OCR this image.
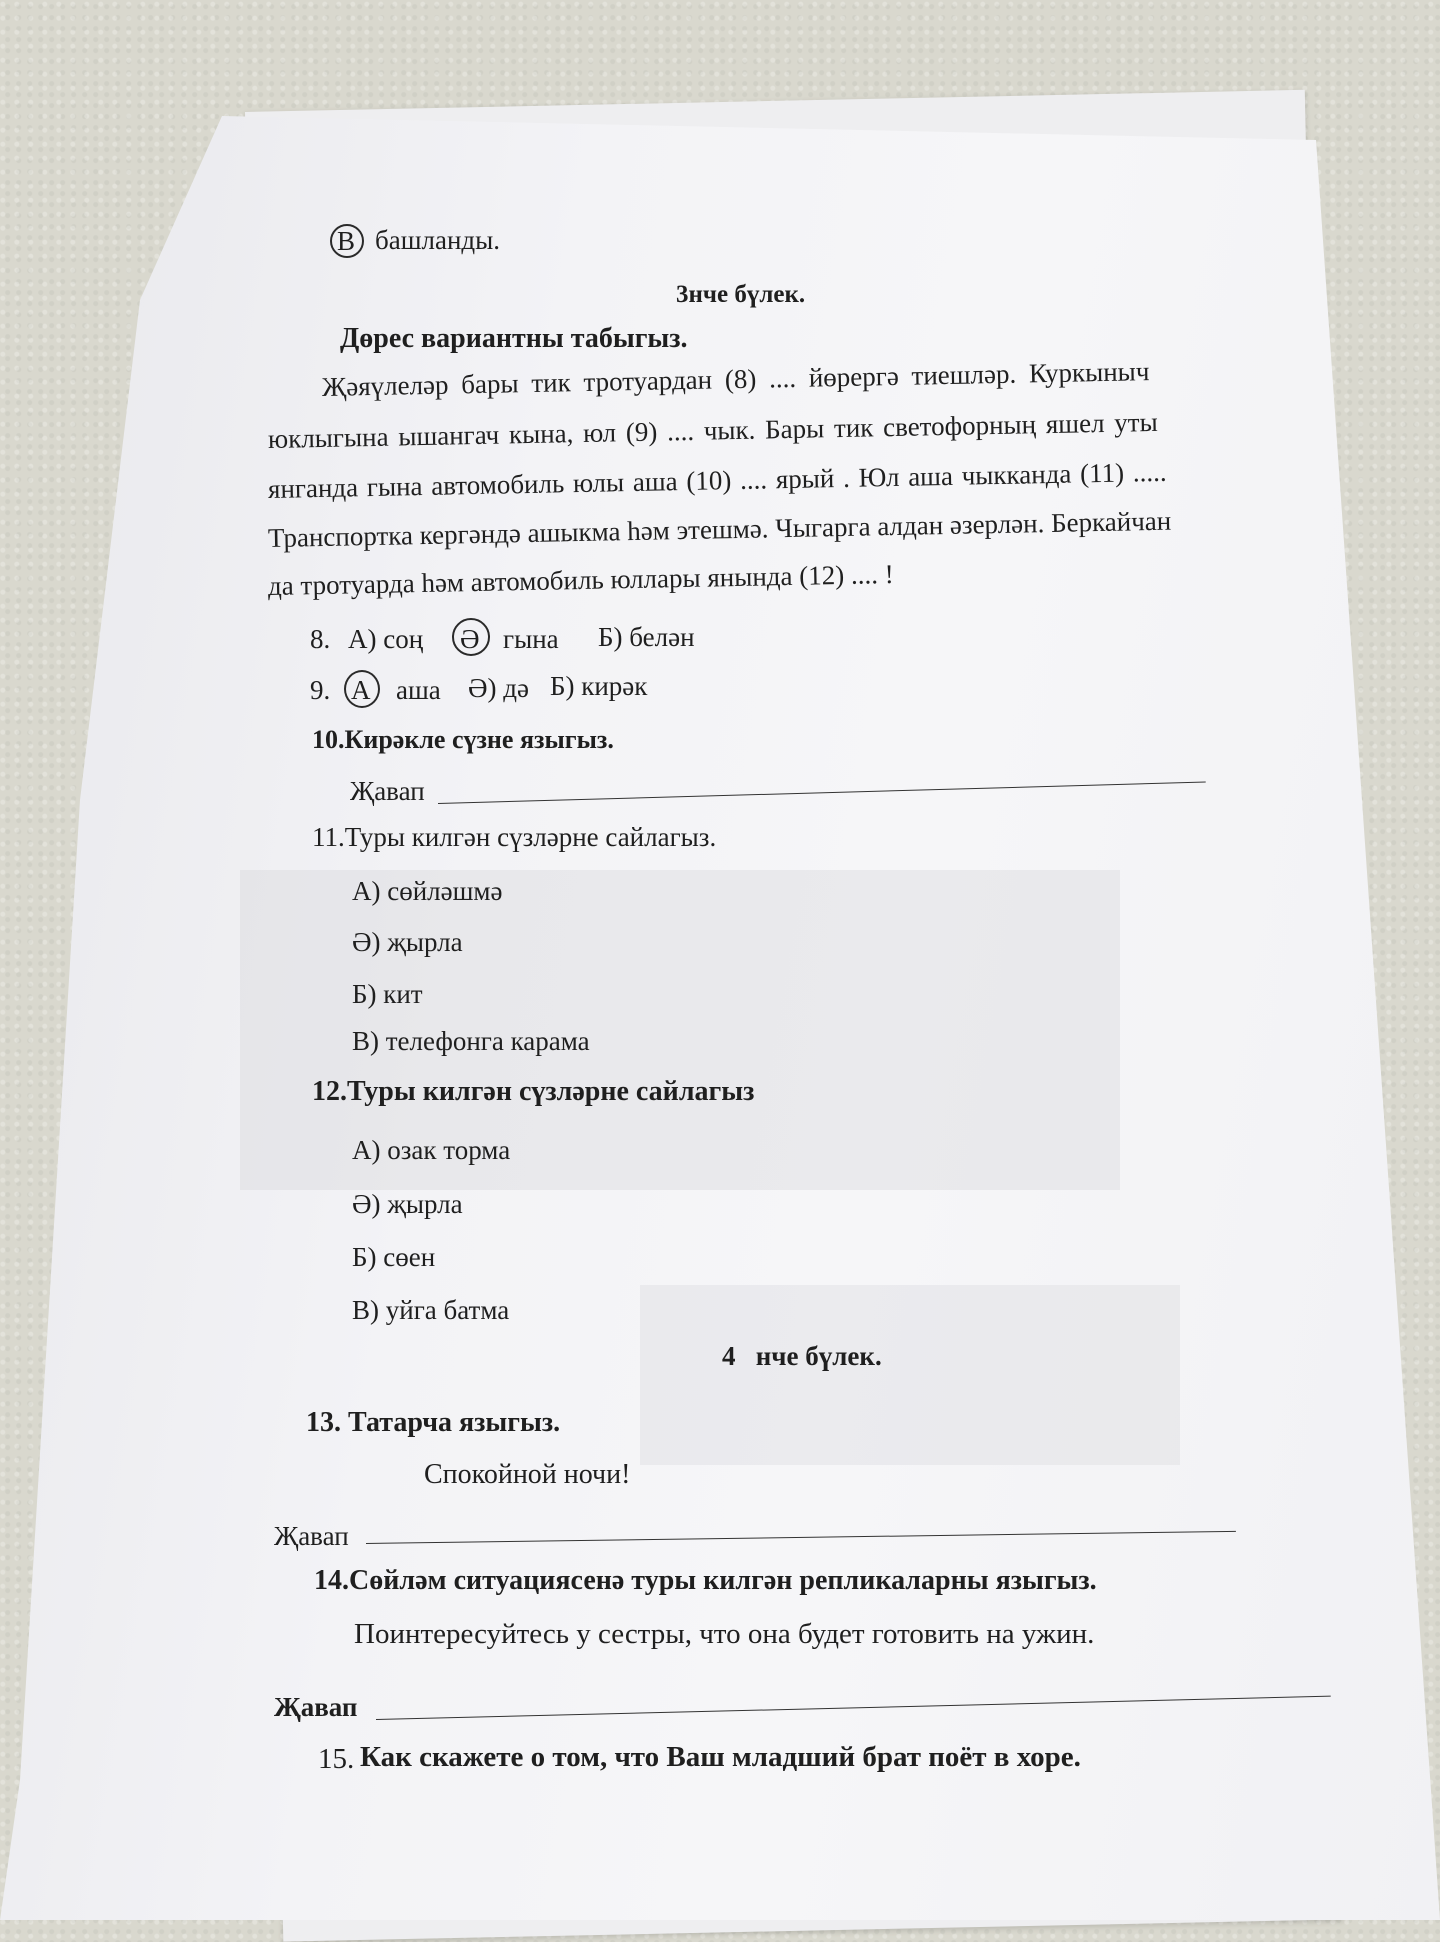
В башланды.
3нче бүлек.
Дөрес вариантны табыгыз.
Җәяүлеләр бары тик тротуардан (8) .... йөрергә тиешләр. Куркыныч
юклыгына ышангач кына, юл (9) .... чык. Бары тик светофорның яшел уты
янганда гына автомобиль юлы аша (10) .... ярый . Юл аша чыкканда (11) .....
Транспортка кергәндә ашыкма һәм этешмә. Чыгарга алдан әзерлән. Беркайчан
да тротуарда һәм автомобиль юллары янында (12) .... !
8. А) соң Ә гына Б) белән
9. А аша Ә) дә Б) кирәк
10.Кирәкле сүзне языгыз.
Җавап
11.Туры килгән сүзләрне сайлагыз.
А) сөйләшмә
Ә) җырла
Б) кит
В) телефонга карама
12.Туры килгән сүзләрне сайлагыз
А) озак торма
Ә) җырла
Б) сөен
В) уйга батма
4   нче бүлек.
13. Татарча языгыз.
Спокойной ночи!
Җавап
14.Сөйләм ситуациясенә туры килгән репликаларны языгыз.
Поинтересуйтесь у сестры, что она будет готовить на ужин.
Җавап
15. Как скажете о том, что Ваш младший брат поёт в хоре.
